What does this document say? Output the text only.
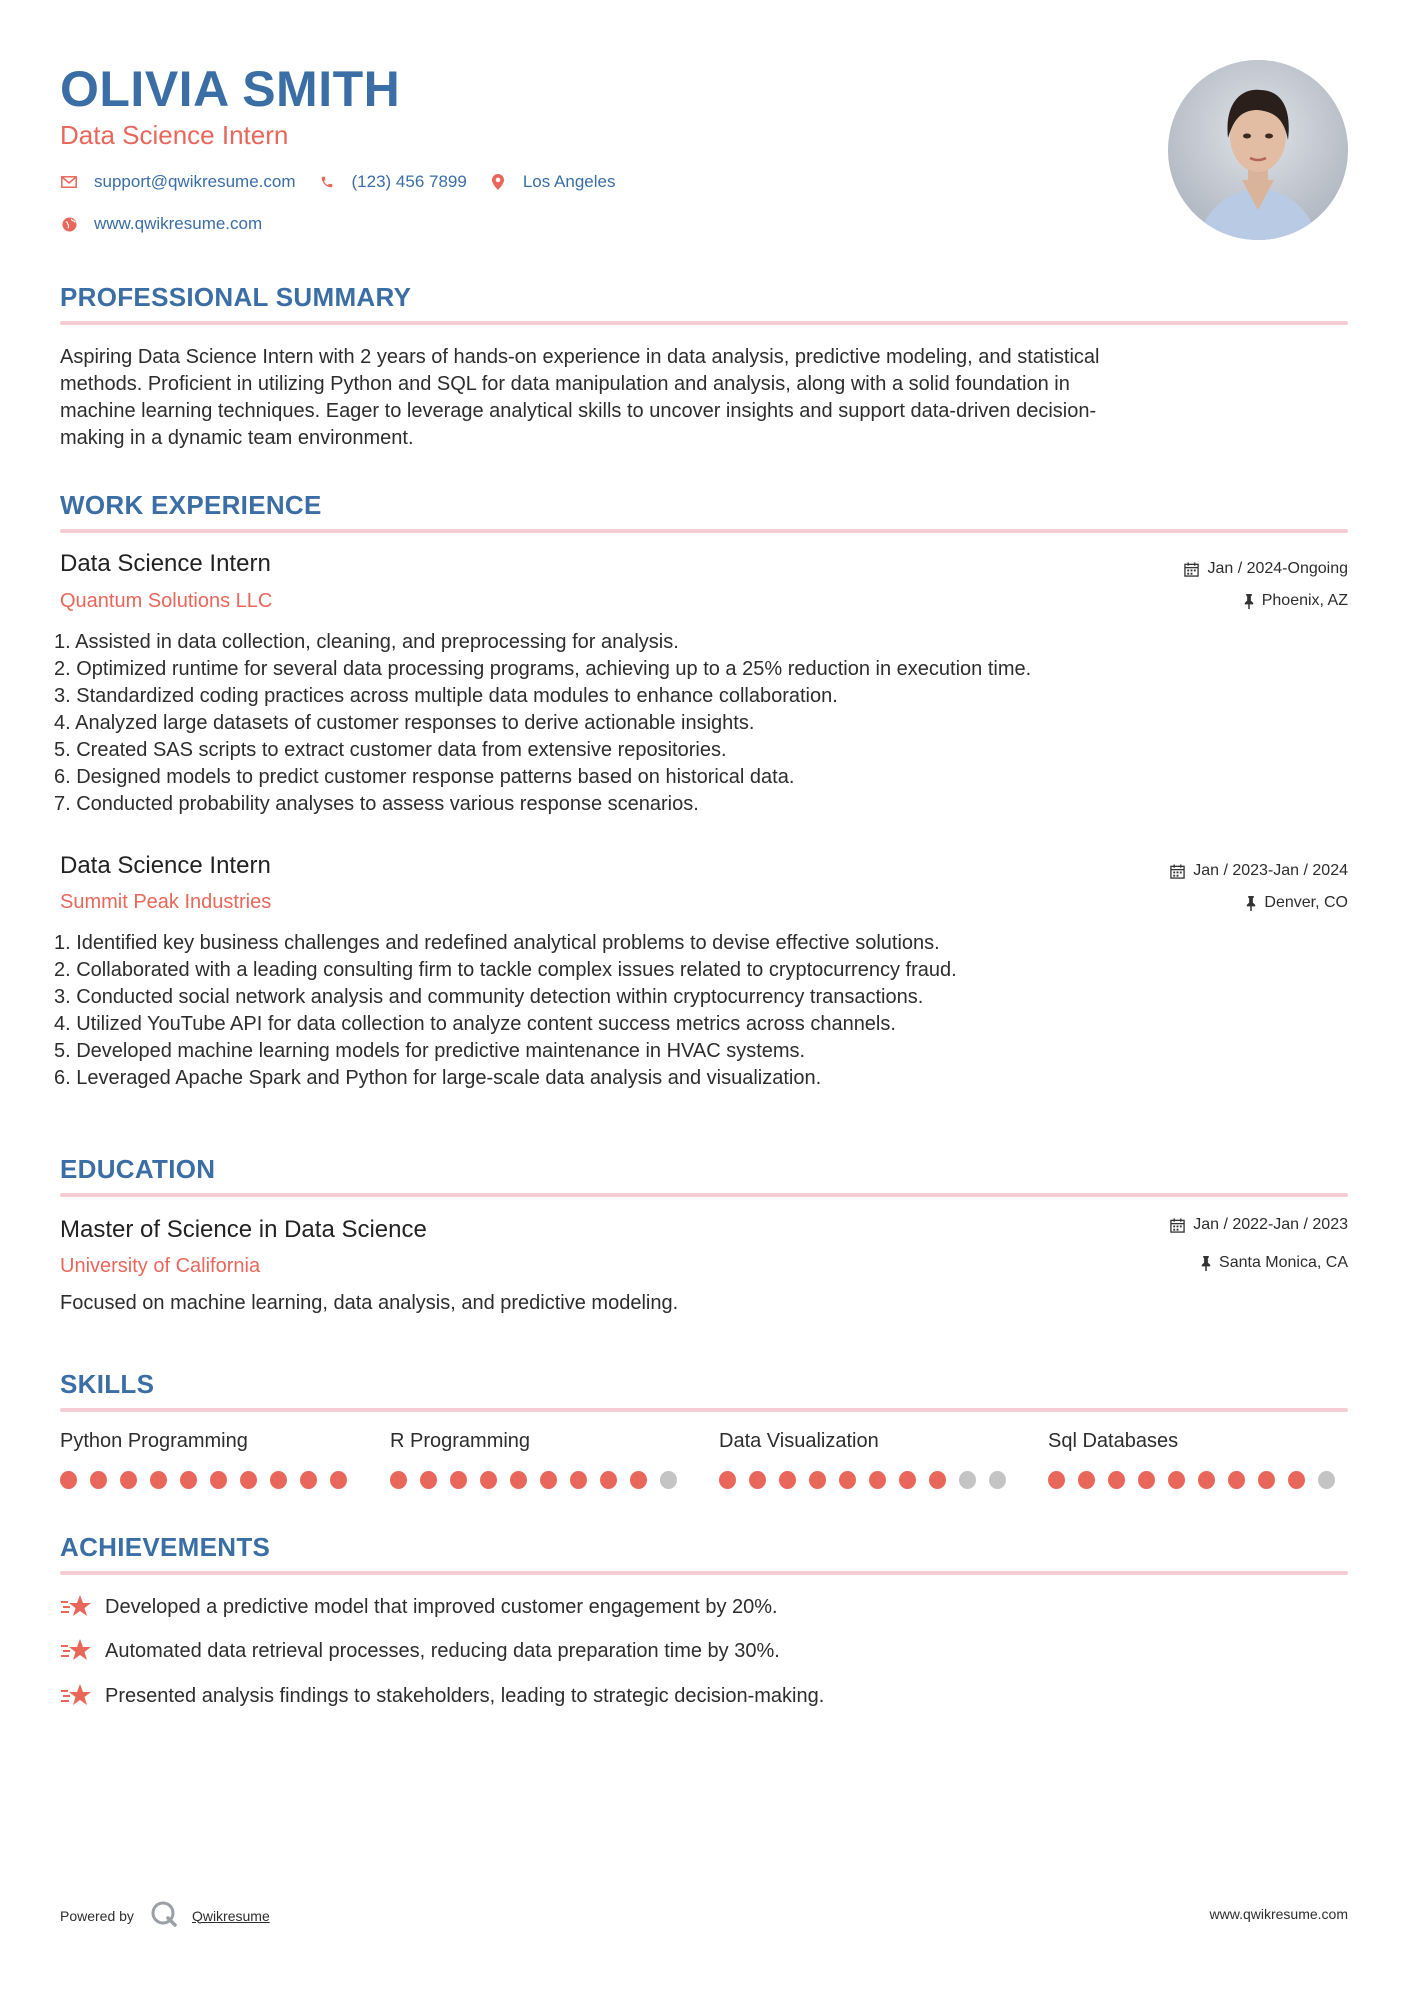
OLIVIA SMITH
Data Science Intern
support@qwikresume.com	(123) 456 7899	Los Angeles
www.qwikresume.com
PROFESSIONAL SUMMARY
Aspiring Data Science Intern with 2 years of hands-on experience in data analysis, predictive modeling, and statistical
methods. Proficient in utilizing Python and SQL for data manipulation and analysis, along with a solid foundation in
machine learning techniques. Eager to leverage analytical skills to uncover insights and support data-driven decision-
making in a dynamic team environment.
WORK EXPERIENCE
Data Science Intern
Quantum Solutions LLC
Jan / 2024-Ongoing
Phoenix, AZ
1. Assisted in data collection, cleaning, and preprocessing for analysis.
2. Optimized runtime for several data processing programs, achieving up to a 25% reduction in execution time.
3. Standardized coding practices across multiple data modules to enhance collaboration.
4. Analyzed large datasets of customer responses to derive actionable insights.
5. Created SAS scripts to extract customer data from extensive repositories.
6. Designed models to predict customer response patterns based on historical data.
7. Conducted probability analyses to assess various response scenarios.
Data Science Intern
Summit Peak Industries
Jan / 2023-Jan / 2024
Denver, CO
1. Identified key business challenges and redefined analytical problems to devise effective solutions.
2. Collaborated with a leading consulting firm to tackle complex issues related to cryptocurrency fraud.
3. Conducted social network analysis and community detection within cryptocurrency transactions.
4. Utilized YouTube API for data collection to analyze content success metrics across channels.
5. Developed machine learning models for predictive maintenance in HVAC systems.
6. Leveraged Apache Spark and Python for large-scale data analysis and visualization.
EDUCATION
Master of Science in Data Science
University of California
Jan / 2022-Jan / 2023
Santa Monica, CA
Focused on machine learning, data analysis, and predictive modeling.
SKILLS
Python Programming	R Programming	Data Visualization	Sql Databases
ACHIEVEMENTS
Developed a predictive model that improved customer engagement by 20%.
Automated data retrieval processes, reducing data preparation time by 30%.
Presented analysis findings to stakeholders, leading to strategic decision-making.
Powered by	Qwikresume	www.qwikresume.com
